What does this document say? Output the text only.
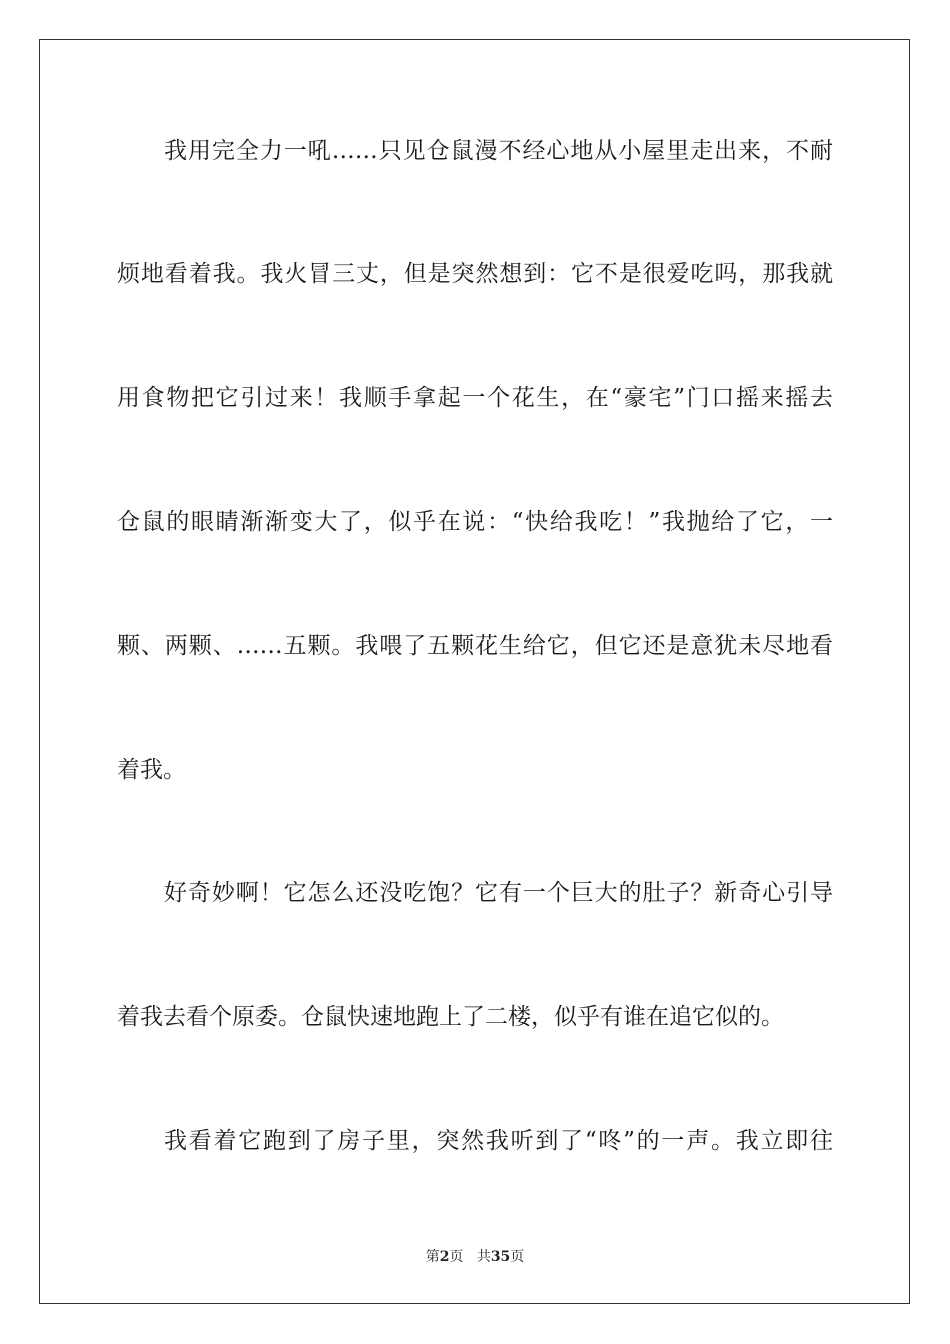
我用完全力一吼……只见仓鼠漫不经心地从小屋里走出来，不耐
烦地看着我。我火冒三丈，但是突然想到：它不是很爱吃吗，那我就
用食物把它引过来！我顺手拿起一个花生，在“豪宅”门口摇来摇去
仓鼠的眼睛渐渐变大了，似乎在说：“快给我吃！”我抛给了它，一
颗、两颗、……五颗。我喂了五颗花生给它，但它还是意犹未尽地看
着我。
好奇妙啊！它怎么还没吃饱？它有一个巨大的肚子？新奇心引导
着我去看个原委。仓鼠快速地跑上了二楼，似乎有谁在追它似的。
我看着它跑到了房子里，突然我听到了“咚”的一声。我立即往
第2页 共35页
